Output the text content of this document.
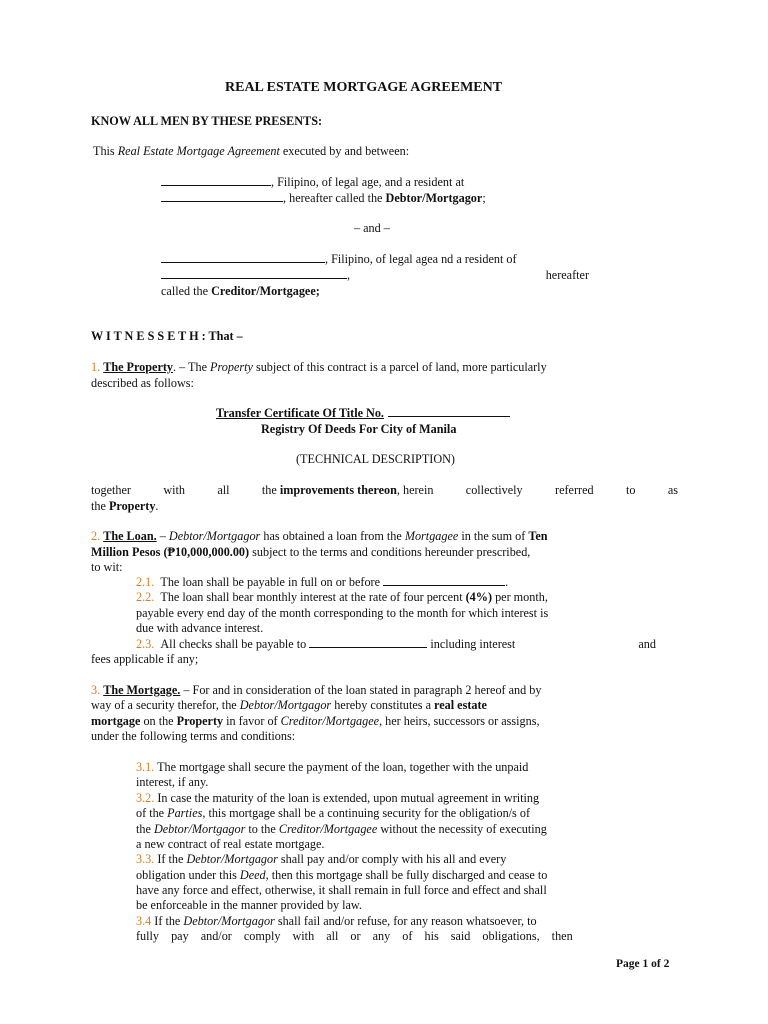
REAL ESTATE MORTGAGE AGREEMENT
KNOW ALL MEN BY THESE PRESENTS:
This Real Estate Mortgage Agreement executed by and between:
, Filipino, of legal age, and a resident at
, hereafter called the Debtor/Mortgagor;
– and –
, Filipino, of legal agea nd a resident of
,	hereafter
called the Creditor/Mortgagee;
W I T N E S S E T H : That –
1. The Property. – The Property subject of this contract is a parcel of land, more particularly
described as follows:
Transfer Certificate Of Title No.
Registry Of Deeds For City of Manila
(TECHNICAL DESCRIPTION)
together	with	all	the improvements thereon, herein	collectively	referred	to	as
the Property.
2. The Loan. – Debtor/Mortgagor has obtained a loan from the Mortgagee in the sum of Ten
Million Pesos (₱10,000,000.00) subject to the terms and conditions hereunder prescribed,
to wit:
2.1. The loan shall be payable in full on or before	.
2.2. The loan shall bear monthly interest at the rate of four percent (4%) per month,
payable every end day of the month corresponding to the month for which interest is
due with advance interest.
2.3. All checks shall be payable to	including interest	and
fees applicable if any;
3. The Mortgage. – For and in consideration of the loan stated in paragraph 2 hereof and by
way of a security therefor, the Debtor/Mortgagor hereby constitutes a real estate
mortgage on the Property in favor of Creditor/Mortgagee, her heirs, successors or assigns,
under the following terms and conditions:
3.1. The mortgage shall secure the payment of the loan, together with the unpaid
interest, if any.
3.2. In case the maturity of the loan is extended, upon mutual agreement in writing
of the Parties, this mortgage shall be a continuing security for the obligation/s of
the Debtor/Mortgagor to the Creditor/Mortgagee without the necessity of executing
a new contract of real estate mortgage.
3.3. If the Debtor/Mortgagor shall pay and/or comply with his all and every
obligation under this Deed, then this mortgage shall be fully discharged and cease to
have any force and effect, otherwise, it shall remain in full force and effect and shall
be enforceable in the manner provided by law.
3.4 If the Debtor/Mortgagor shall fail and/or refuse, for any reason whatsoever, to
fully pay and/or comply with all or any of his said obligations, then
Page 1 of 2
